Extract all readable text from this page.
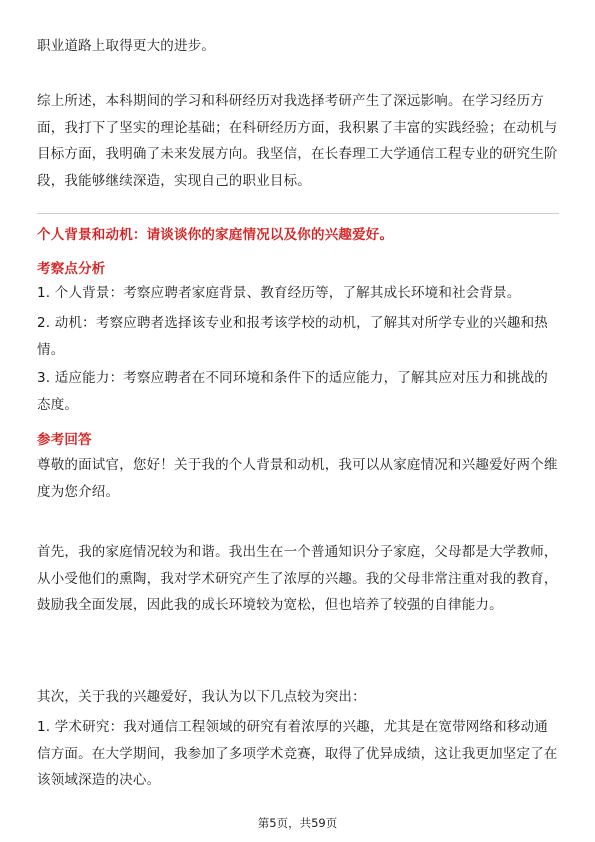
职业道路上取得更大的进步。

综上所述，本科期间的学习和科研经历对我选择考研产生了深远影响。在学习经历方面，我打下了坚实的理论基础；在科研经历方面，我积累了丰富的实践经验；在动机与目标方面，我明确了未来发展方向。我坚信，在长春理工大学通信工程专业的研究生阶段，我能够继续深造，实现自己的职业目标。

个人背景和动机：请谈谈你的家庭情况以及你的兴趣爱好。

考察点分析

1. 个人背景：考察应聘者家庭背景、教育经历等，了解其成长环境和社会背景。

2. 动机：考察应聘者选择该专业和报考该学校的动机，了解其对所学专业的兴趣和热情。

3. 适应能力：考察应聘者在不同环境和条件下的适应能力，了解其应对压力和挑战的态度。

参考回答

尊敬的面试官，您好！关于我的个人背景和动机，我可以从家庭情况和兴趣爱好两个维度为您介绍。

首先，我的家庭情况较为和谐。我出生在一个普通知识分子家庭，父母都是大学教师，从小受他们的熏陶，我对学术研究产生了浓厚的兴趣。我的父母非常注重对我的教育，鼓励我全面发展，因此我的成长环境较为宽松，但也培养了较强的自律能力。

其次，关于我的兴趣爱好，我认为以下几点较为突出：

1. 学术研究：我对通信工程领域的研究有着浓厚的兴趣，尤其是在宽带网络和移动通信方面。在大学期间，我参加了多项学术竞赛，取得了优异成绩，这让我更加坚定了在该领域深造的决心。

第5页，共59页
